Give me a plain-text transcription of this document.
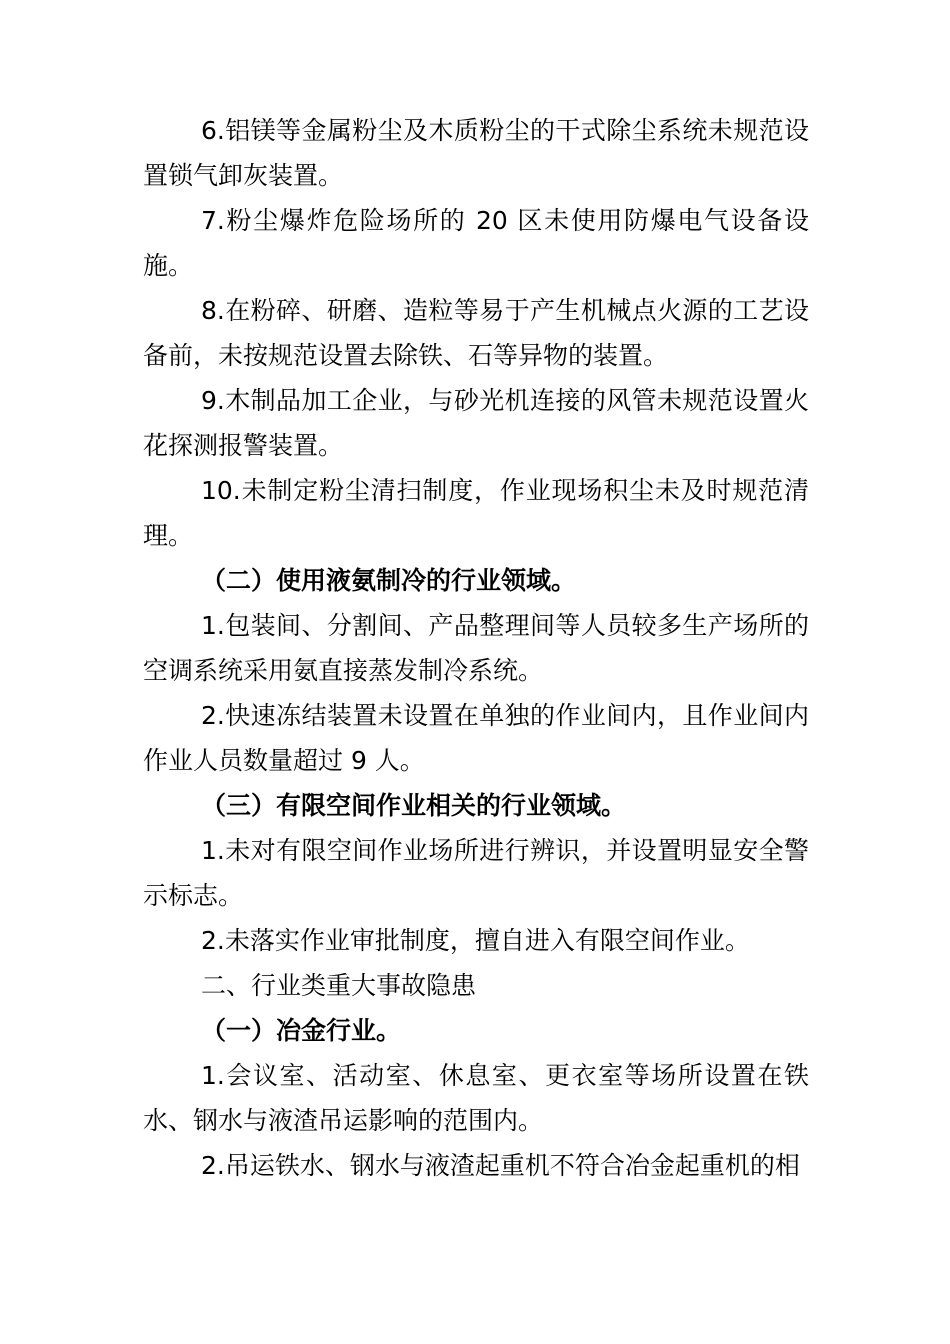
6.铝镁等金属粉尘及木质粉尘的干式除尘系统未规范设置锁气卸灰装置。

7.粉尘爆炸危险场所的 20 区未使用防爆电气设备设施。

8.在粉碎、研磨、造粒等易于产生机械点火源的工艺设备前，未按规范设置去除铁、石等异物的装置。

9.木制品加工企业，与砂光机连接的风管未规范设置火花探测报警装置。

10.未制定粉尘清扫制度，作业现场积尘未及时规范清理。

（二）使用液氨制冷的行业领域。

1.包装间、分割间、产品整理间等人员较多生产场所的空调系统采用氨直接蒸发制冷系统。

2.快速冻结装置未设置在单独的作业间内，且作业间内作业人员数量超过 9 人。

（三）有限空间作业相关的行业领域。

1.未对有限空间作业场所进行辨识，并设置明显安全警示标志。

2.未落实作业审批制度，擅自进入有限空间作业。

二、行业类重大事故隐患

（一）冶金行业。

1.会议室、活动室、休息室、更衣室等场所设置在铁水、钢水与液渣吊运影响的范围内。

2.吊运铁水、钢水与液渣起重机不符合冶金起重机的相
